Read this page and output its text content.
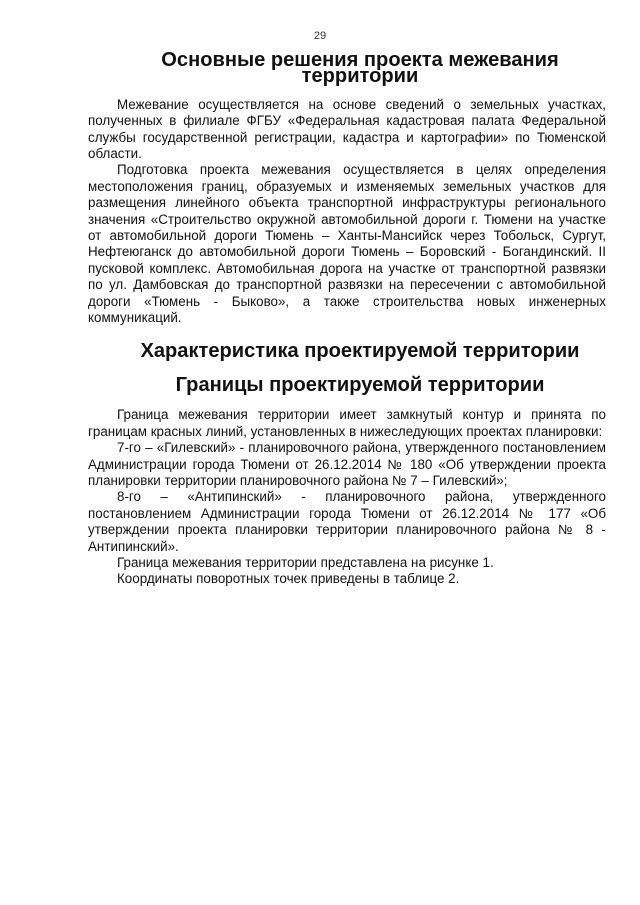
29
Основные решения проекта межевания территории

Межевание осуществляется на основе сведений о земельных участках, полученных в филиале ФГБУ «Федеральная кадастровая палата Федеральной службы государственной регистрации, кадастра и картографии» по Тюменской области.

Подготовка проекта межевания осуществляется в целях определения местоположения границ, образуемых и изменяемых земельных участков для размещения линейного объекта транспортной инфраструктуры регионального значения «Строительство окружной автомобильной дороги г. Тюмени на участке от автомобильной дороги Тюмень – Ханты-Мансийск через Тобольск, Сургут, Нефтеюганск до автомобильной дороги Тюмень – Боровский - Богандинский. II пусковой комплекс. Автомобильная дорога на участке от транспортной развязки по ул. Дамбовская до транспортной развязки на пересечении с автомобильной дороги «Тюмень - Быково», а также строительства новых инженерных коммуникаций.

Характеристика проектируемой территории
Границы проектируемой территории

Граница межевания территории имеет замкнутый контур и принята по границам красных линий, установленных в нижеследующих проектах планировки:

7-го – «Гилевский» - планировочного района, утвержденного постановлением Администрации города Тюмени от 26.12.2014 № 180 «Об утверждении проекта планировки территории планировочного района № 7 – Гилевский»;

8-го – «Антипинский» - планировочного района, утвержденного постановлением Администрации города Тюмени от 26.12.2014 № 177 «Об утверждении проекта планировки территории планировочного района № 8 - Антипинский».

Граница межевания территории представлена на рисунке 1.

Координаты поворотных точек приведены в таблице 2.
